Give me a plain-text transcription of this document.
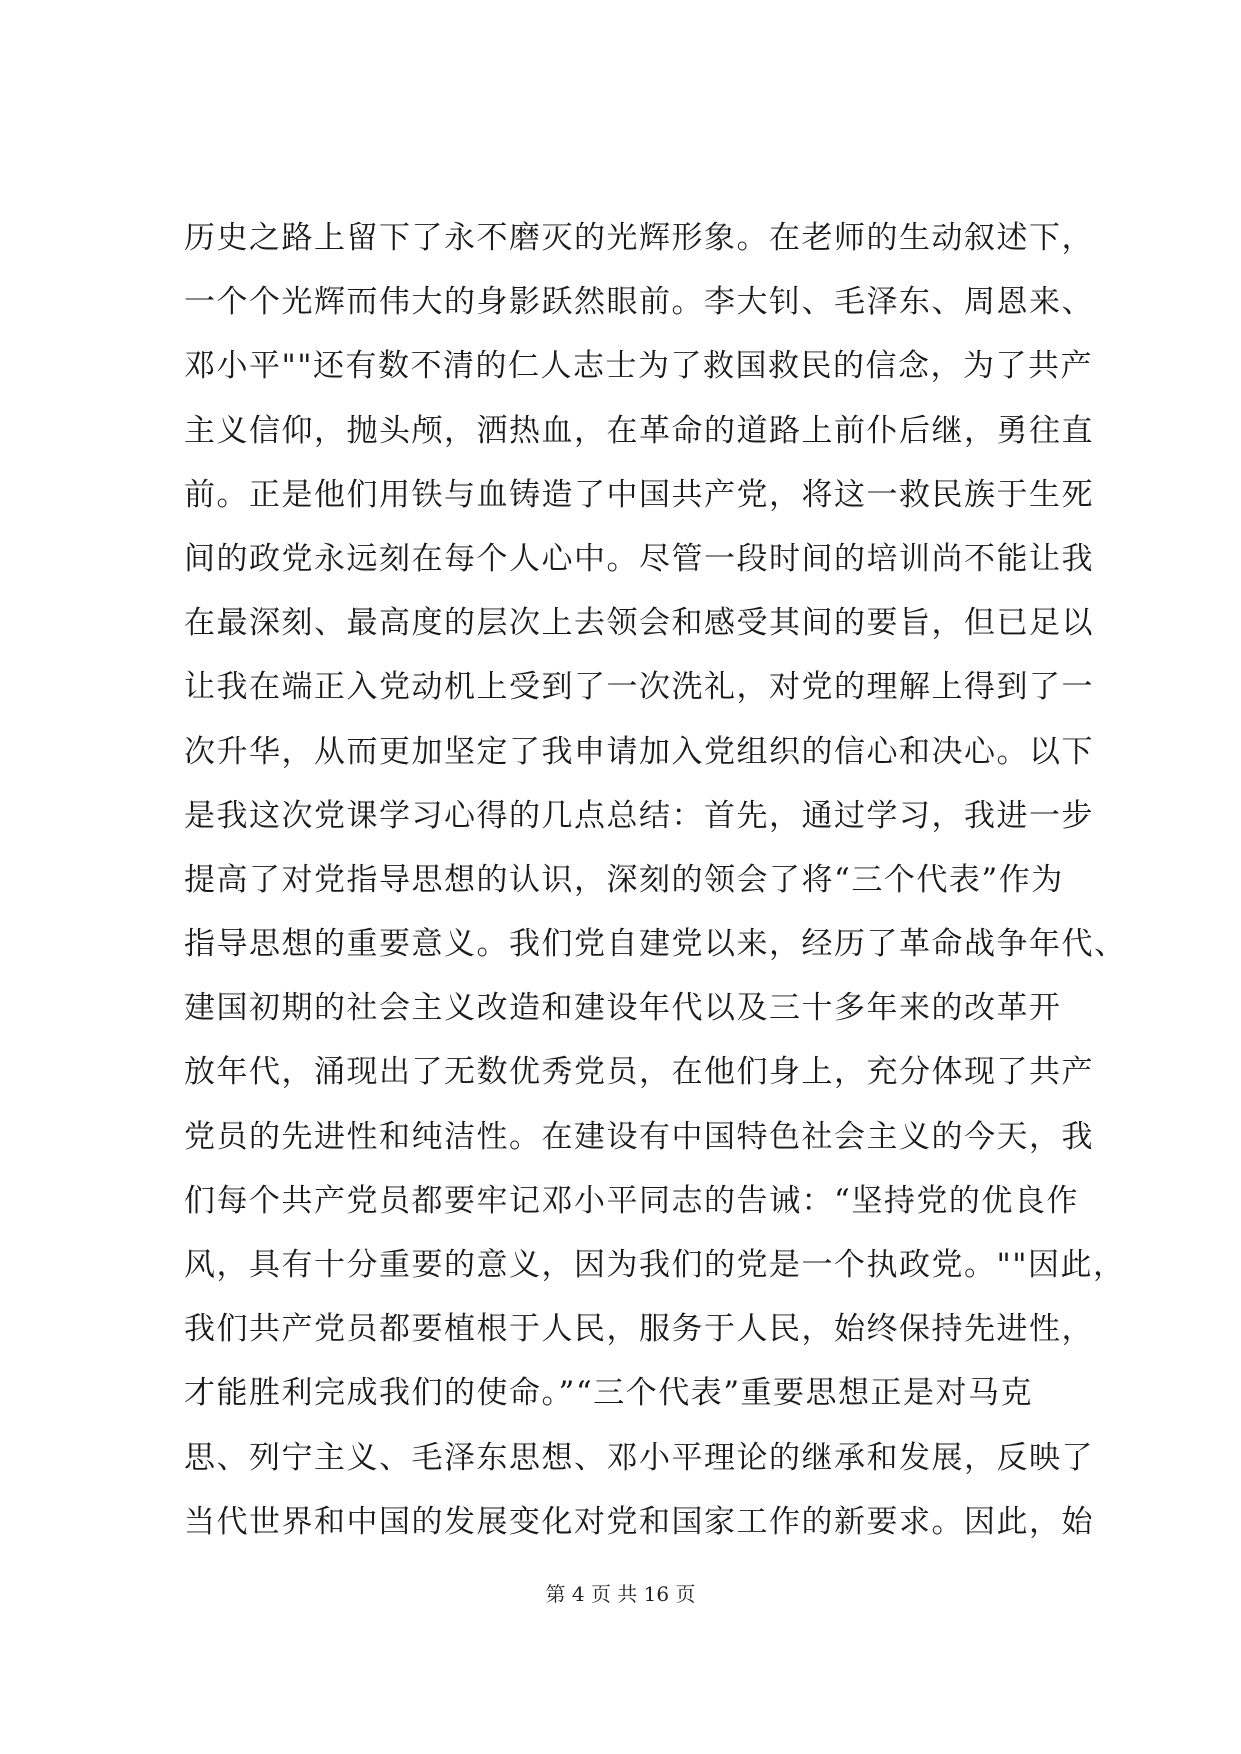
历史之路上留下了永不磨灭的光辉形象。在老师的生动叙述下，
一个个光辉而伟大的身影跃然眼前。李大钊、毛泽东、周恩来、
邓小平""还有数不清的仁人志士为了救国救民的信念，为了共产
主义信仰，抛头颅，洒热血，在革命的道路上前仆后继，勇往直
前。正是他们用铁与血铸造了中国共产党，将这一救民族于生死
间的政党永远刻在每个人心中。尽管一段时间的培训尚不能让我
在最深刻、最高度的层次上去领会和感受其间的要旨，但已足以
让我在端正入党动机上受到了一次洗礼，对党的理解上得到了一
次升华，从而更加坚定了我申请加入党组织的信心和决心。以下
是我这次党课学习心得的几点总结：首先，通过学习，我进一步
提高了对党指导思想的认识，深刻的领会了将“三个代表”作为
指导思想的重要意义。我们党自建党以来，经历了革命战争年代、
建国初期的社会主义改造和建设年代以及三十多年来的改革开
放年代，涌现出了无数优秀党员，在他们身上，充分体现了共产
党员的先进性和纯洁性。在建设有中国特色社会主义的今天，我
们每个共产党员都要牢记邓小平同志的告诫：“坚持党的优良作
风，具有十分重要的意义，因为我们的党是一个执政党。""因此，
我们共产党员都要植根于人民，服务于人民，始终保持先进性，
才能胜利完成我们的使命。”“三个代表”重要思想正是对马克
思、列宁主义、毛泽东思想、邓小平理论的继承和发展，反映了
当代世界和中国的发展变化对党和国家工作的新要求。因此，始
第 4 页 共 16 页
